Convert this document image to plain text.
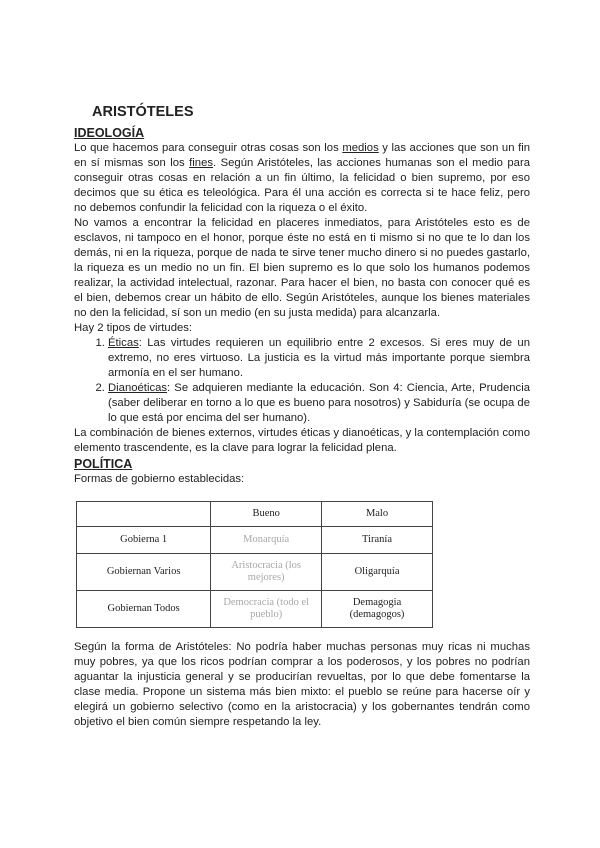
ARISTÓTELES
IDEOLOGÍA

Lo que hacemos para conseguir otras cosas son los medios y las acciones que son un fin en sí mismas son los fines. Según Aristóteles, las acciones humanas son el medio para conseguir otras cosas en relación a un fin último, la felicidad o bien supremo, por eso decimos que su ética es teleológica. Para él una acción es correcta si te hace feliz, pero no debemos confundir la felicidad con la riqueza o el éxito.

No vamos a encontrar la felicidad en placeres inmediatos, para Aristóteles esto es de esclavos, ni tampoco en el honor, porque éste no está en ti mismo si no que te lo dan los demás, ni en la riqueza, porque de nada te sirve tener mucho dinero si no puedes gastarlo, la riqueza es un medio no un fin. El bien supremo es lo que solo los humanos podemos realizar, la actividad intelectual, razonar. Para hacer el bien, no basta con conocer qué es el bien, debemos crear un hábito de ello. Según Aristóteles, aunque los bienes materiales no den la felicidad, sí son un medio (en su justa medida) para alcanzarla.

Hay 2 tipos de virtudes:

1. Éticas: Las virtudes requieren un equilibrio entre 2 excesos. Si eres muy de un extremo, no eres virtuoso. La justicia es la virtud más importante porque siembra armonía en el ser humano.
2. Dianoéticas: Se adquieren mediante la educación. Son 4: Ciencia, Arte, Prudencia (saber deliberar en torno a lo que es bueno para nosotros) y Sabiduría (se ocupa de lo que está por encima del ser humano).

La combinación de bienes externos, virtudes éticas y dianoéticas, y la contemplación como elemento trascendente, es la clave para lograr la felicidad plena.

POLÍTICA

Formas de gobierno establecidas:

	Bueno	Malo
Gobierna 1	Monarquía	Tiranía
Gobiernan Varios	Aristocracia (los mejores)	Oligarquía
Gobiernan Todos	Democracia (todo el pueblo)	Demagogia (demagogos)

Según la forma de Aristóteles: No podría haber muchas personas muy ricas ni muchas muy pobres, ya que los ricos podrían comprar a los poderosos, y los pobres no podrían aguantar la injusticia general y se producirían revueltas, por lo que debe fomentarse la clase media. Propone un sistema más bien mixto: el pueblo se reúne para hacerse oír y elegirá un gobierno selectivo (como en la aristocracia) y los gobernantes tendrán como objetivo el bien común siempre respetando la ley.
